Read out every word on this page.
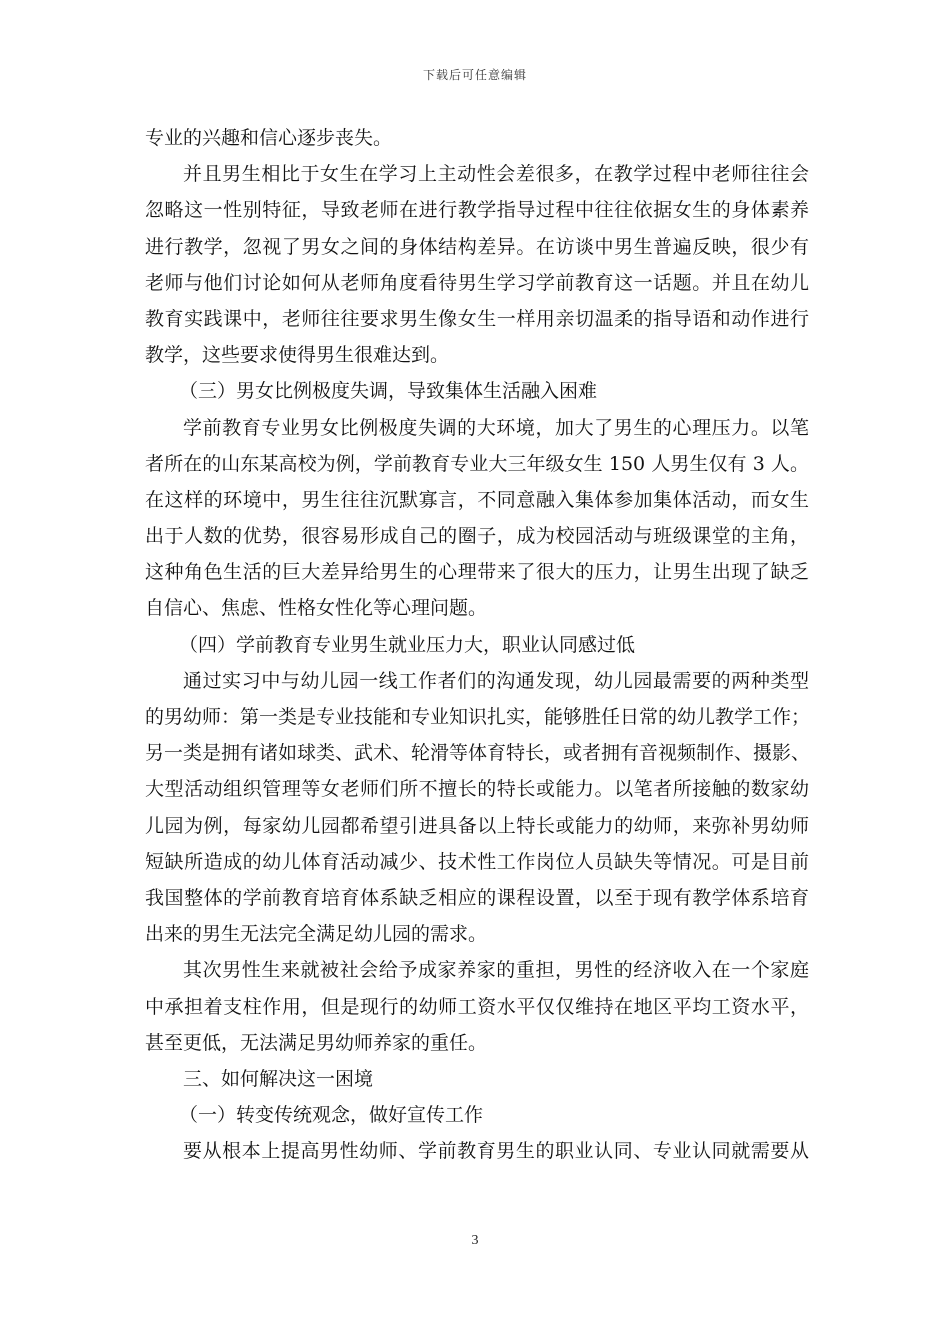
下载后可任意编辑
专业的兴趣和信心逐步丧失。
并且男生相比于女生在学习上主动性会差很多，在教学过程中老师往往会
忽略这一性别特征，导致老师在进行教学指导过程中往往依据女生的身体素养
进行教学，忽视了男女之间的身体结构差异。在访谈中男生普遍反映，很少有
老师与他们讨论如何从老师角度看待男生学习学前教育这一话题。并且在幼儿
教育实践课中，老师往往要求男生像女生一样用亲切温柔的指导语和动作进行
教学，这些要求使得男生很难达到。
（三）男女比例极度失调，导致集体生活融入困难
学前教育专业男女比例极度失调的大环境，加大了男生的心理压力。以笔
者所在的山东某高校为例，学前教育专业大三年级女生 150 人男生仅有 3 人。
在这样的环境中，男生往往沉默寡言，不同意融入集体参加集体活动，而女生
出于人数的优势，很容易形成自己的圈子，成为校园活动与班级课堂的主角，
这种角色生活的巨大差异给男生的心理带来了很大的压力，让男生出现了缺乏
自信心、焦虑、性格女性化等心理问题。
（四）学前教育专业男生就业压力大，职业认同感过低
通过实习中与幼儿园一线工作者们的沟通发现，幼儿园最需要的两种类型
的男幼师：第一类是专业技能和专业知识扎实，能够胜任日常的幼儿教学工作；
另一类是拥有诸如球类、武术、轮滑等体育特长，或者拥有音视频制作、摄影、
大型活动组织管理等女老师们所不擅长的特长或能力。以笔者所接触的数家幼
儿园为例，每家幼儿园都希望引进具备以上特长或能力的幼师，来弥补男幼师
短缺所造成的幼儿体育活动减少、技术性工作岗位人员缺失等情况。可是目前
我国整体的学前教育培育体系缺乏相应的课程设置，以至于现有教学体系培育
出来的男生无法完全满足幼儿园的需求。
其次男性生来就被社会给予成家养家的重担，男性的经济收入在一个家庭
中承担着支柱作用，但是现行的幼师工资水平仅仅维持在地区平均工资水平，
甚至更低，无法满足男幼师养家的重任。
三、如何解决这一困境
（一）转变传统观念，做好宣传工作
要从根本上提高男性幼师、学前教育男生的职业认同、专业认同就需要从
3
